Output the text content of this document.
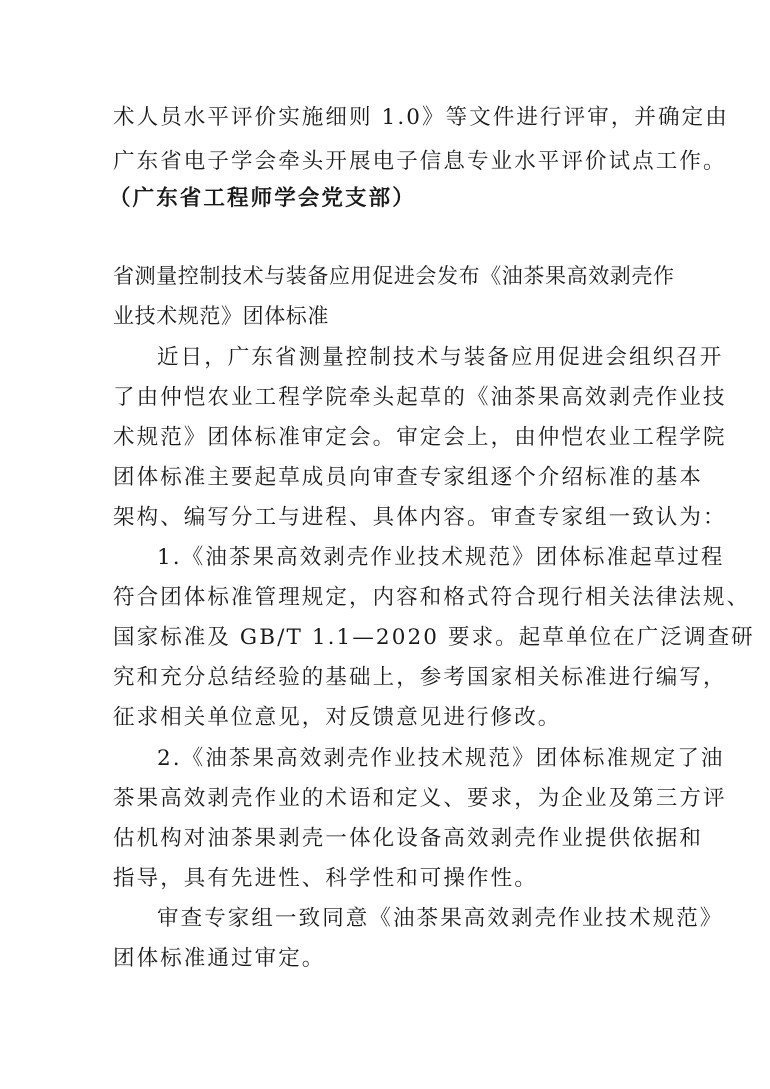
术人员水平评价实施细则 1.0》等文件进行评审，并确定由
广东省电子学会牵头开展电子信息专业水平评价试点工作。
（广东省工程师学会党支部）
省测量控制技术与装备应用促进会发布《油茶果高效剥壳作
业技术规范》团体标准
近日，广东省测量控制技术与装备应用促进会组织召开
了由仲恺农业工程学院牵头起草的《油茶果高效剥壳作业技
术规范》团体标准审定会。审定会上，由仲恺农业工程学院
团体标准主要起草成员向审查专家组逐个介绍标准的基本
架构、编写分工与进程、具体内容。审查专家组一致认为：
1.《油茶果高效剥壳作业技术规范》团体标准起草过程
符合团体标准管理规定，内容和格式符合现行相关法律法规、
国家标准及 GB/T 1.1—2020 要求。起草单位在广泛调查研
究和充分总结经验的基础上，参考国家相关标准进行编写，
征求相关单位意见，对反馈意见进行修改。
2.《油茶果高效剥壳作业技术规范》团体标准规定了油
茶果高效剥壳作业的术语和定义、要求，为企业及第三方评
估机构对油茶果剥壳一体化设备高效剥壳作业提供依据和
指导，具有先进性、科学性和可操作性。
审查专家组一致同意《油茶果高效剥壳作业技术规范》
团体标准通过审定。
